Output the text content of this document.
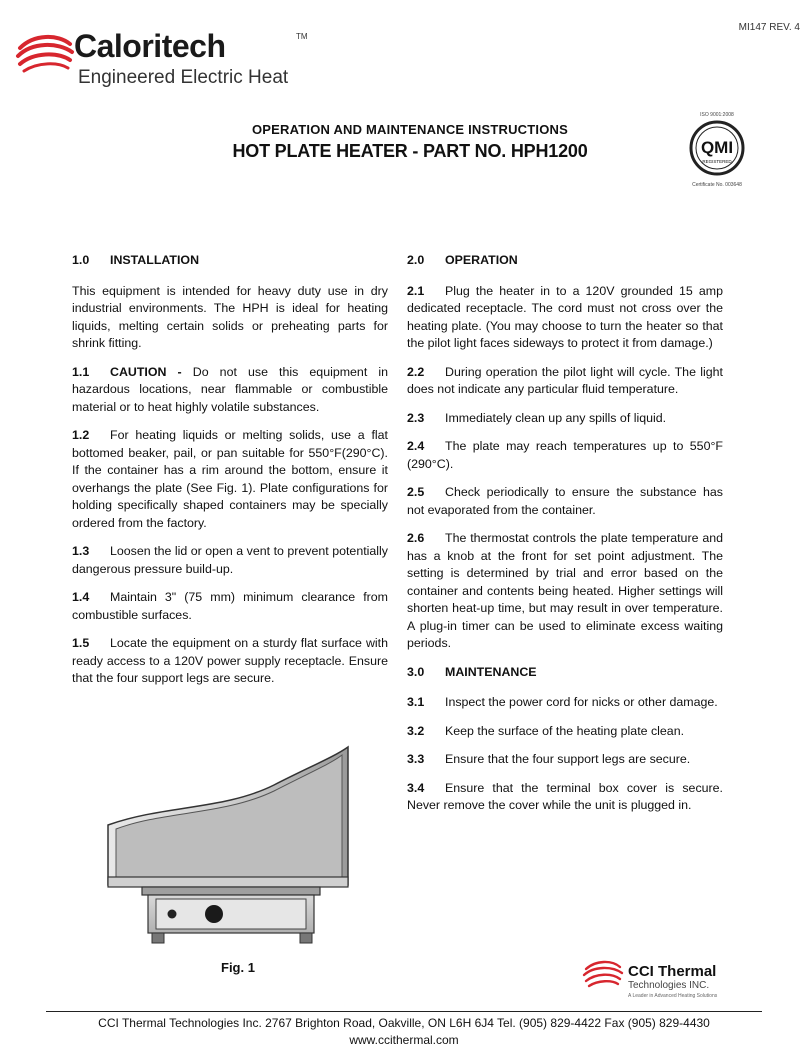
MI147 REV. 4
Caloritech	TM
Engineered Electric Heat
OPERATION AND MAINTENANCE INSTRUCTIONS
HOT PLATE HEATER - PART NO. HPH1200
ISO 9001:2008
QMI
REGISTERED
Certificate No. 003648
1.0 INSTALLATION

This equipment is intended for heavy duty use in dry industrial environments. The HPH is ideal for heating liquids, melting certain solids or preheating parts for shrink fitting.

1.1 CAUTION - Do not use this equipment in hazardous locations, near flammable or combustible material or to heat highly volatile substances.

1.2 For heating liquids or melting solids, use a flat bottomed beaker, pail, or pan suitable for 550°F(290°C). If the container has a rim around the bottom, ensure it overhangs the plate (See Fig. 1). Plate configurations for holding specifically shaped containers may be specially ordered from the factory.

1.3 Loosen the lid or open a vent to prevent potentially dangerous pressure build-up.

1.4 Maintain 3" (75 mm) minimum clearance from combustible surfaces.

1.5 Locate the equipment on a sturdy flat surface with ready access to a 120V power supply receptacle. Ensure that the four support legs are secure.

2.0 OPERATION

2.1 Plug the heater in to a 120V grounded 15 amp dedicated receptacle. The cord must not cross over the heating plate. (You may choose to turn the heater so that the pilot light faces sideways to protect it from damage.)

2.2 During operation the pilot light will cycle. The light does not indicate any particular fluid temperature.

2.3 Immediately clean up any spills of liquid.

2.4 The plate may reach temperatures up to 550°F (290°C).

2.5 Check periodically to ensure the substance has not evaporated from the container.

2.6 The thermostat controls the plate temperature and has a knob at the front for set point adjustment. The setting is determined by trial and error based on the container and contents being heated. Higher settings will shorten heat-up time, but may result in over temperature. A plug-in timer can be used to eliminate excess waiting periods.

3.0 MAINTENANCE

3.1 Inspect the power cord for nicks or other damage.

3.2 Keep the surface of the heating plate clean.

3.3 Ensure that the four support legs are secure.

3.4 Ensure that the terminal box cover is secure. Never remove the cover while the unit is plugged in.

Fig. 1	CCI Thermal
Technologies INC.
A Leader in Advanced Heating Solutions
CCI Thermal Technologies Inc. 2767 Brighton Road, Oakville, ON L6H 6J4 Tel. (905) 829-4422 Fax (905) 829-4430
www.ccithermal.com
